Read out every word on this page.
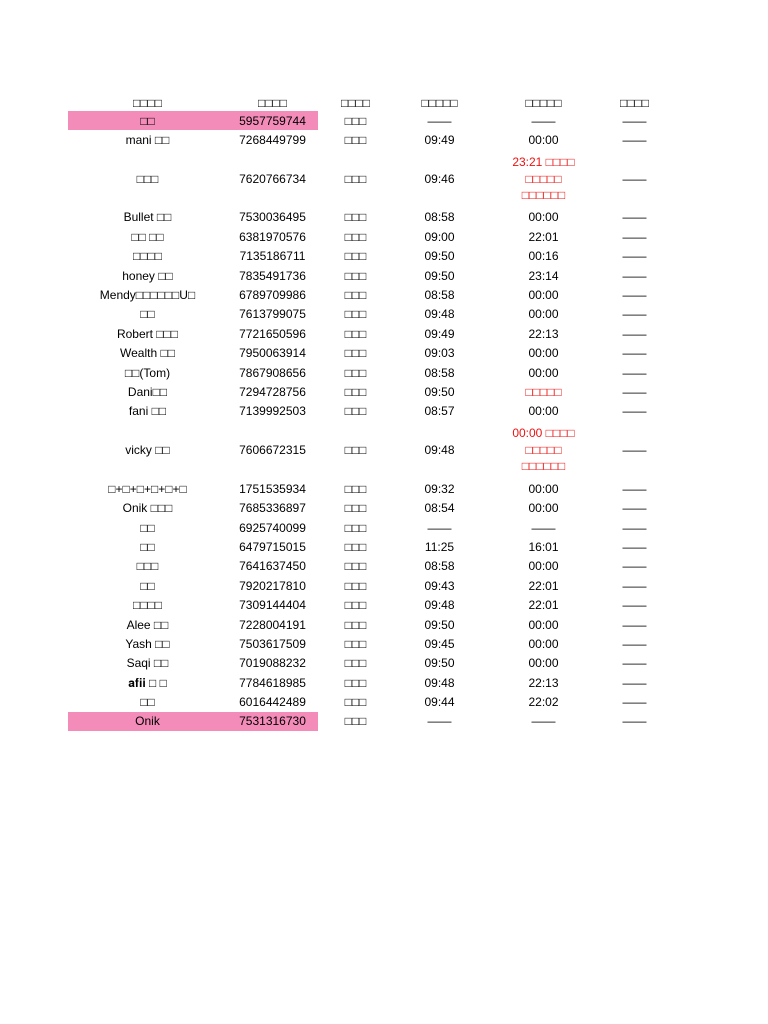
□□□□	□□□□	□□□□	□□□□□	□□□□□	□□□□
□□	5957759744	□□□	——	——	——
mani □□	7268449799	□□□	09:49	00:00	——
□□□	7620766734	□□□	09:46	23:21 □□□□
□□□□□
□□□□□□	——
Bullet □□	7530036495	□□□	08:58	00:00	——
□□ □□	6381970576	□□□	09:00	22:01	——
□□□□	7135186711	□□□	09:50	00:16	——
honey □□	7835491736	□□□	09:50	23:14	——
Mendy□□□□□□U□	6789709986	□□□	08:58	00:00	——
□□	7613799075	□□□	09:48	00:00	——
Robert □□□	7721650596	□□□	09:49	22:13	——
Wealth □□	7950063914	□□□	09:03	00:00	——
□□(Tom)	7867908656	□□□	08:58	00:00	——
Dani□□	7294728756	□□□	09:50	□□□□□	——
fani □□	7139992503	□□□	08:57	00:00	——
vicky □□	7606672315	□□□	09:48	00:00 □□□□
□□□□□
□□□□□□	——
□+□+□+□+□+□	1751535934	□□□	09:32	00:00	——
Onik □□□	7685336897	□□□	08:54	00:00	——
□□	6925740099	□□□	——	——	——
□□	6479715015	□□□	11:25	16:01	——
□□□	7641637450	□□□	08:58	00:00	——
□□	7920217810	□□□	09:43	22:01	——
□□□□	7309144404	□□□	09:48	22:01	——
Alee □□	7228004191	□□□	09:50	00:00	——
Yash □□	7503617509	□□□	09:45	00:00	——
Saqi □□	7019088232	□□□	09:50	00:00	——
𝐚𝐟𝐢𝐢 □ □	7784618985	□□□	09:48	22:13	——
□□	6016442489	□□□	09:44	22:02	——
Onik	7531316730	□□□	——	——	——
